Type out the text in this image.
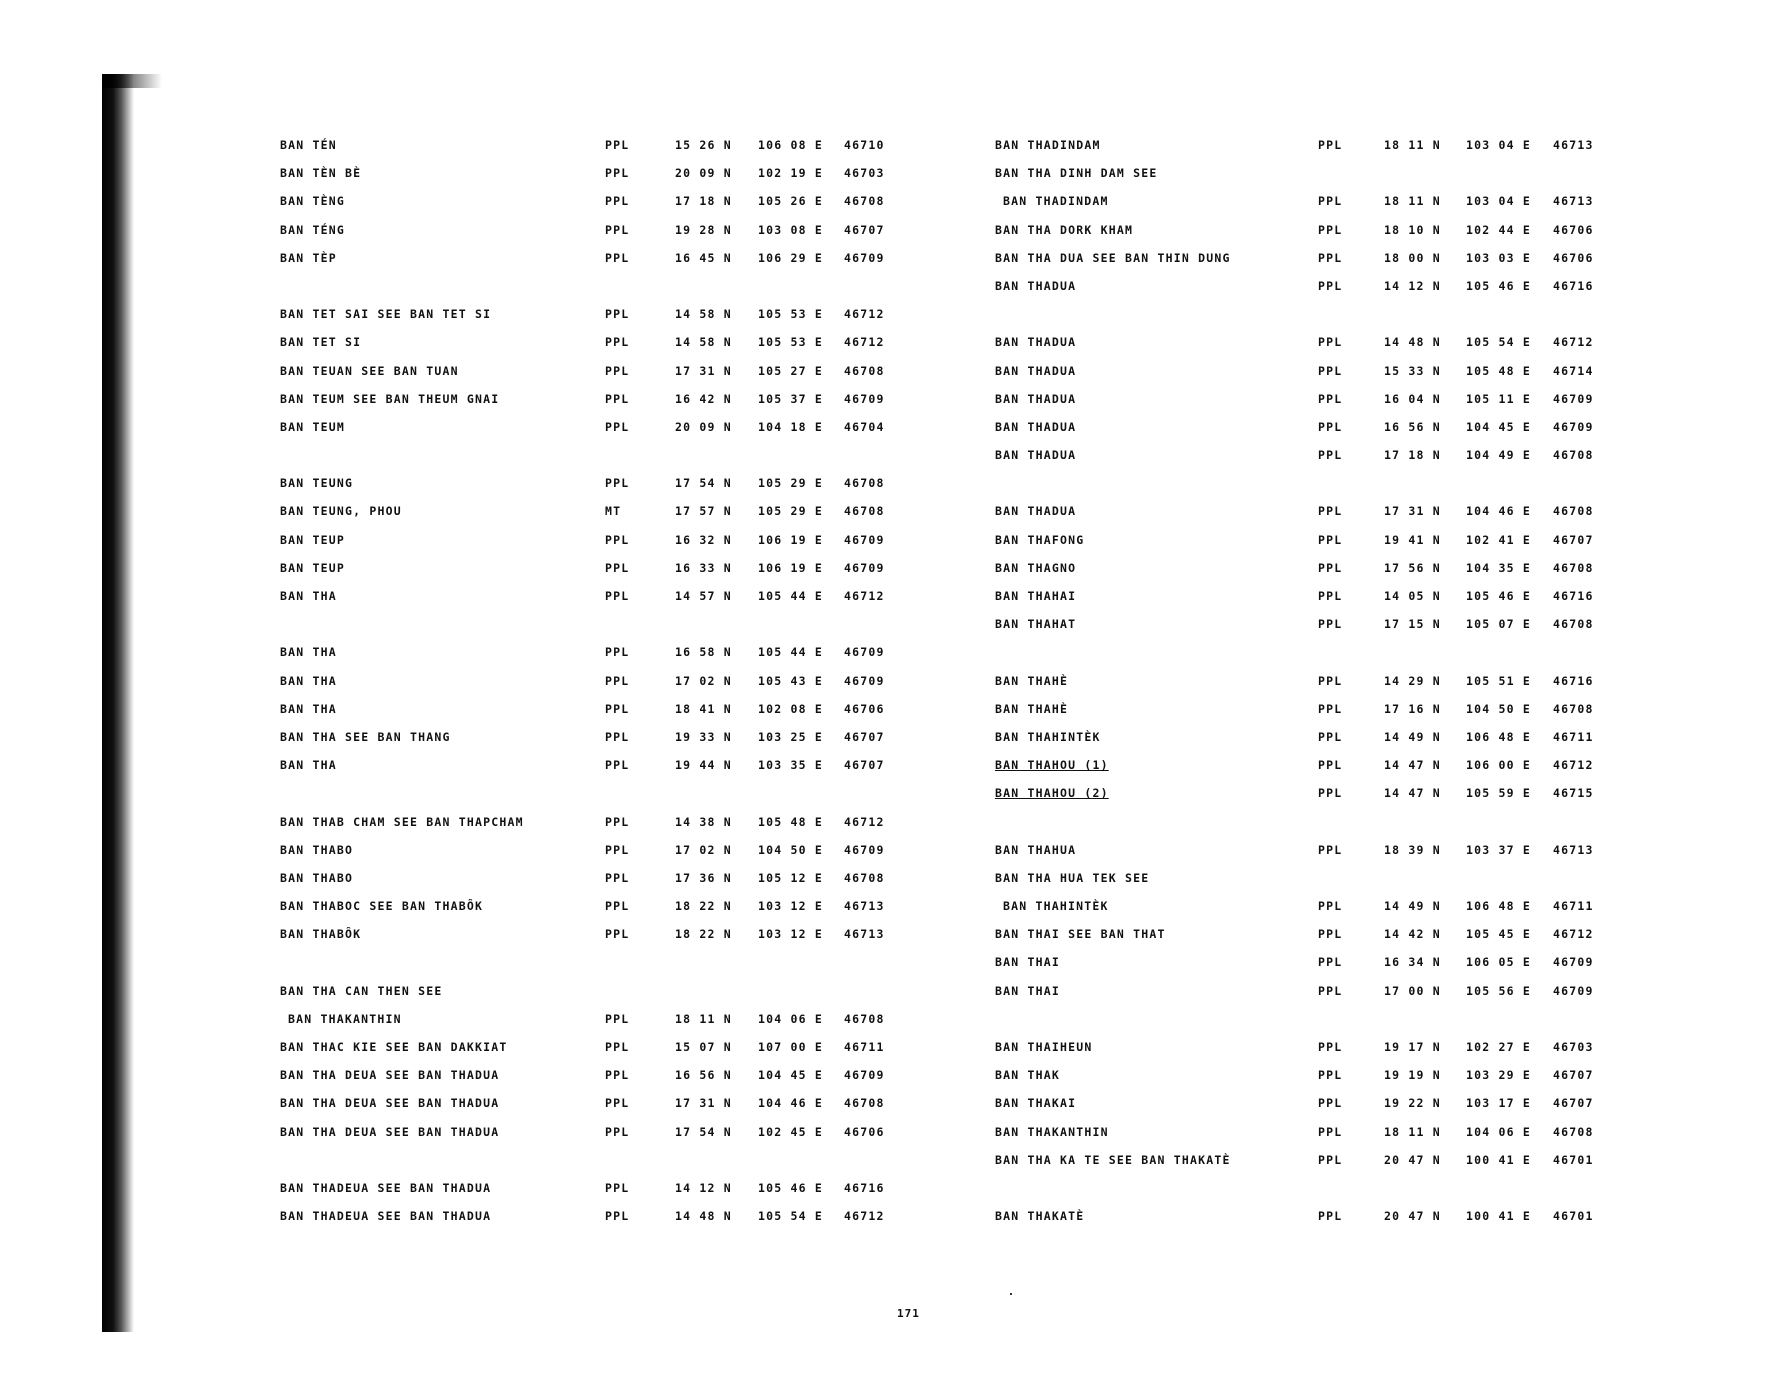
BAN TÉN	PPL	15 26 N 106 08 E 46710
BAN TÈN BÈ	PPL	20 09 N 102 19 E 46703
BAN TÈNG	PPL	17 18 N 105 26 E 46708
BAN TÉNG	PPL	19 28 N 103 08 E 46707
BAN TÈP	PPL	16 45 N 106 29 E 46709
BAN TET SAI SEE BAN TET SI	PPL	14 58 N 105 53 E 46712
BAN TET SI	PPL	14 58 N 105 53 E 46712
BAN TEUAN SEE BAN TUAN	PPL	17 31 N 105 27 E 46708
BAN TEUM SEE BAN THEUM GNAI	PPL	16 42 N 105 37 E 46709
BAN TEUM	PPL	20 09 N 104 18 E 46704
BAN TEUNG	PPL	17 54 N 105 29 E 46708
BAN TEUNG, PHOU	MT	17 57 N 105 29 E 46708
BAN TEUP	PPL	16 32 N 106 19 E 46709
BAN TEUP	PPL	16 33 N 106 19 E 46709
BAN THA	PPL	14 57 N 105 44 E 46712
BAN THA	PPL	16 58 N 105 44 E 46709
BAN THA	PPL	17 02 N 105 43 E 46709
BAN THA	PPL	18 41 N 102 08 E 46706
BAN THA SEE BAN THANG	PPL	19 33 N 103 25 E 46707
BAN THA	PPL	19 44 N 103 35 E 46707
BAN THAB CHAM SEE BAN THAPCHAM	PPL	14 38 N 105 48 E 46712
BAN THABO	PPL	17 02 N 104 50 E 46709
BAN THABO	PPL	17 36 N 105 12 E 46708
BAN THABOC SEE BAN THABÔK	PPL	18 22 N 103 12 E 46713
BAN THABÔK	PPL	18 22 N 103 12 E 46713
BAN THA CAN THEN SEE
BAN THAKANTHIN	PPL	18 11 N 104 06 E 46708
BAN THAC KIE SEE BAN DAKKIAT	PPL	15 07 N 107 00 E 46711
BAN THA DEUA SEE BAN THADUA	PPL	16 56 N 104 45 E 46709
BAN THA DEUA SEE BAN THADUA	PPL	17 31 N 104 46 E 46708
BAN THA DEUA SEE BAN THADUA	PPL	17 54 N 102 45 E 46706
BAN THADEUA SEE BAN THADUA	PPL	14 12 N 105 46 E 46716
BAN THADEUA SEE BAN THADUA	PPL	14 48 N 105 54 E 46712
BAN THADINDAM	PPL	18 11 N 103 04 E 46713
BAN THA DINH DAM SEE
BAN THADINDAM	PPL	18 11 N 103 04 E 46713
BAN THA DORK KHAM	PPL	18 10 N 102 44 E 46706
BAN THA DUA SEE BAN THIN DUNG	PPL	18 00 N 103 03 E 46706
BAN THADUA	PPL	14 12 N 105 46 E 46716
BAN THADUA	PPL	14 48 N 105 54 E 46712
BAN THADUA	PPL	15 33 N 105 48 E 46714
BAN THADUA	PPL	16 04 N 105 11 E 46709
BAN THADUA	PPL	16 56 N 104 45 E 46709
BAN THADUA	PPL	17 18 N 104 49 E 46708
BAN THADUA	PPL	17 31 N 104 46 E 46708
BAN THAFONG	PPL	19 41 N 102 41 E 46707
BAN THAGNO	PPL	17 56 N 104 35 E 46708
BAN THAHAI	PPL	14 05 N 105 46 E 46716
BAN THAHAT	PPL	17 15 N 105 07 E 46708
BAN THAHÈ	PPL	14 29 N 105 51 E 46716
BAN THAHÈ	PPL	17 16 N 104 50 E 46708
BAN THAHINTÈK	PPL	14 49 N 106 48 E 46711
BAN THAHOU (1)	PPL	14 47 N 106 00 E 46712
BAN THAHOU (2)	PPL	14 47 N 105 59 E 46715
BAN THAHUA	PPL	18 39 N 103 37 E 46713
BAN THA HUA TEK SEE
BAN THAHINTÈK	PPL	14 49 N 106 48 E 46711
BAN THAI SEE BAN THAT	PPL	14 42 N 105 45 E 46712
BAN THAI	PPL	16 34 N 106 05 E 46709
BAN THAI	PPL	17 00 N 105 56 E 46709
BAN THAIHEUN	PPL	19 17 N 102 27 E 46703
BAN THAK	PPL	19 19 N 103 29 E 46707
BAN THAKAI	PPL	19 22 N 103 17 E 46707
BAN THAKANTHIN	PPL	18 11 N 104 06 E 46708
BAN THA KA TE SEE BAN THAKATÈ	PPL	20 47 N 100 41 E 46701
BAN THAKATÈ	PPL	20 47 N 100 41 E 46701
171
